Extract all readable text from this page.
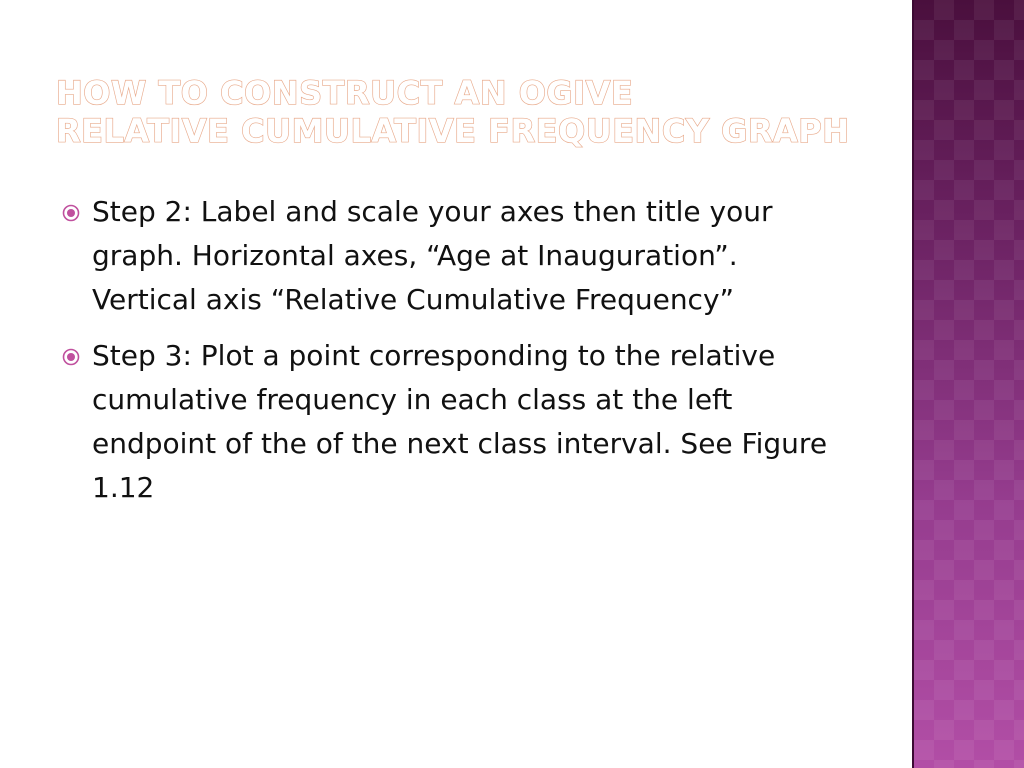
HOW TO CONSTRUCT AN OGIVE
RELATIVE CUMULATIVE FREQUENCY GRAPH
Step 2: Label and scale your axes then title your graph. Horizontal axes, “Age at Inauguration”. Vertical axis “Relative Cumulative Frequency”
Step 3: Plot a point corresponding to the relative cumulative frequency in each class at the left endpoint of the of the next class interval. See Figure 1.12
